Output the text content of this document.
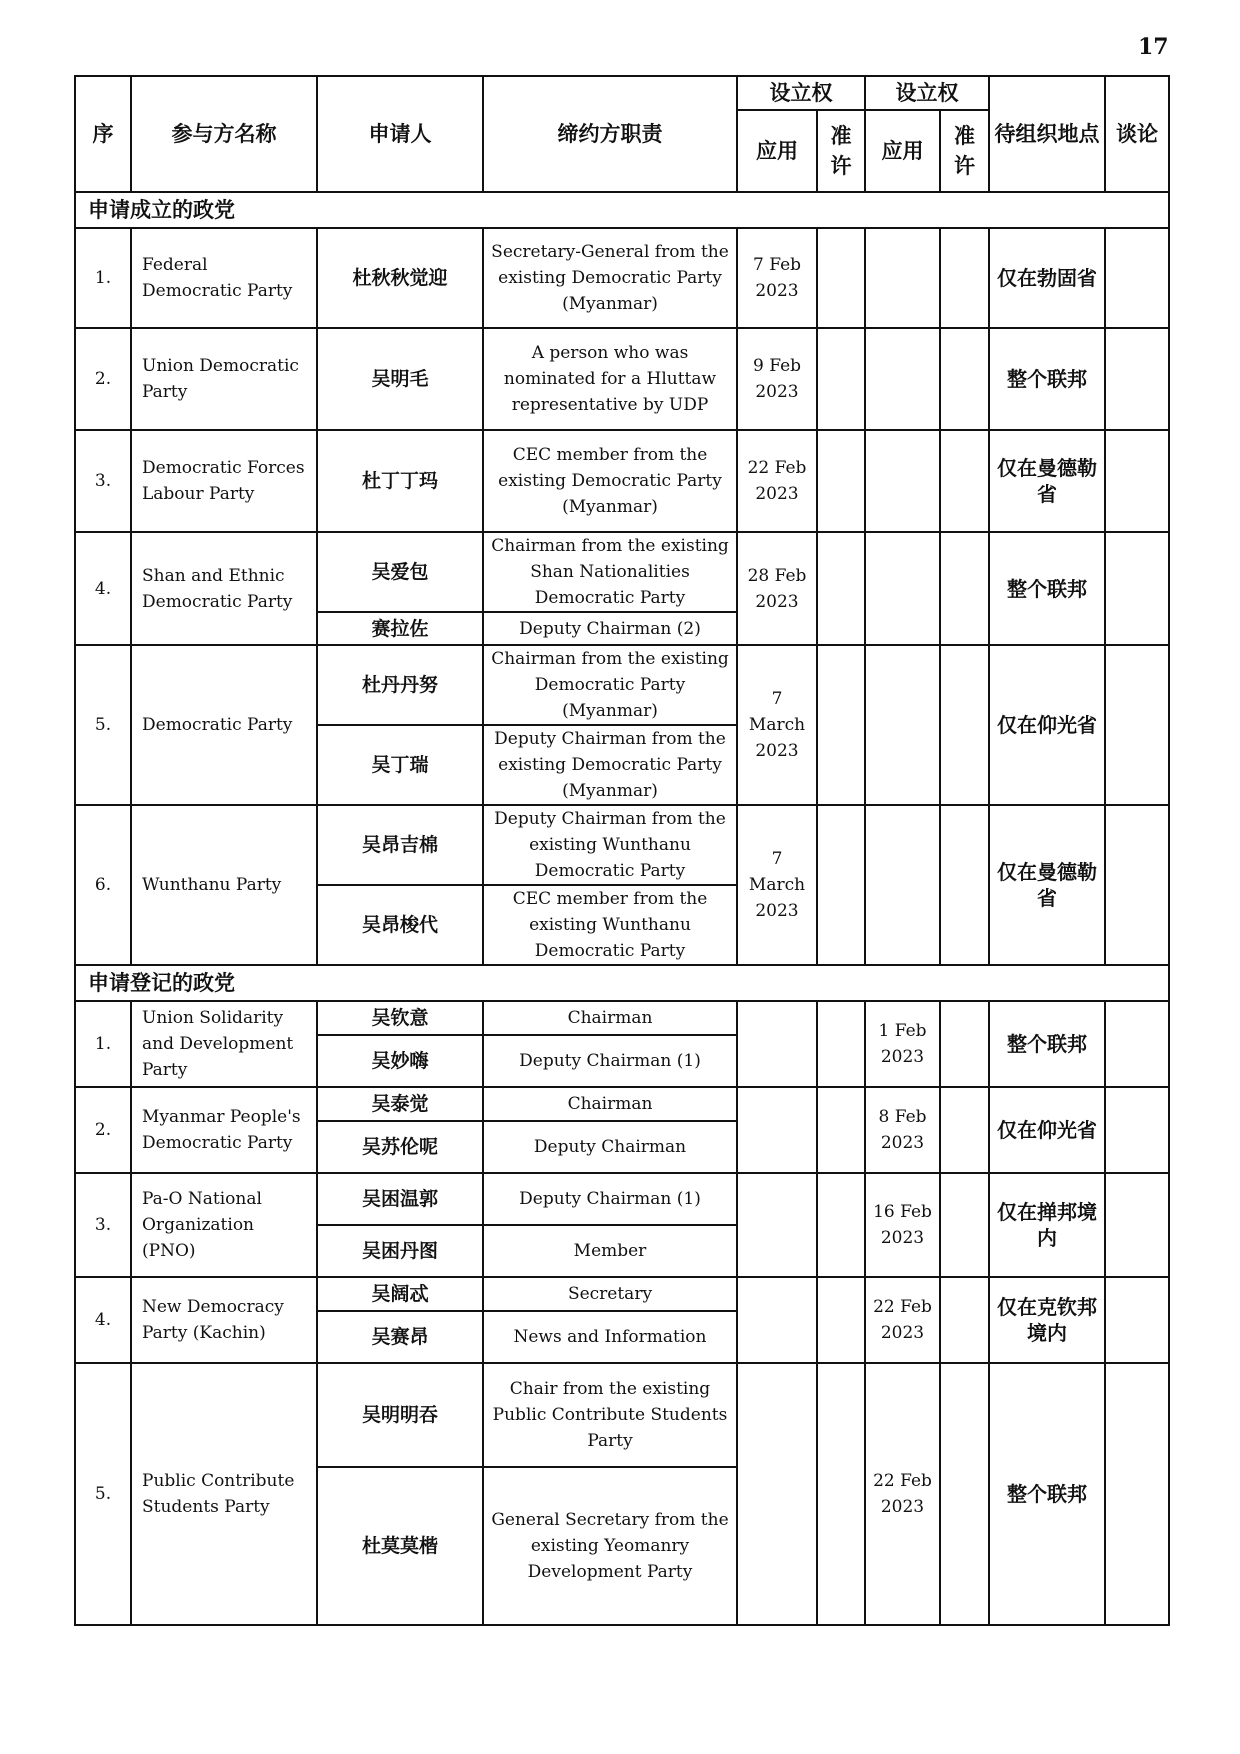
17
序	参与方名称	申请人	缔约方职责	设立权		设立权		待组织地点	谈论
				应用	准许	应用	准许		
申请成立的政党									
1.	Federal Democratic Party	杜秋秋觉迎	Secretary-General from the existing Democratic Party (Myanmar)	7 Feb 2023				仅在勃固省	
2.	Union Democratic Party	吴明毛	A person who was nominated for a Hluttaw representative by UDP	9 Feb 2023				整个联邦	
3.	Democratic Forces Labour Party	杜丁丁玛	CEC member from the existing Democratic Party (Myanmar)	22 Feb 2023				仅在曼德勒省	
4.	Shan and Ethnic Democratic Party	吴爱包	Chairman from the existing Shan Nationalities Democratic Party	28 Feb 2023				整个联邦	
		赛拉佐	Deputy Chairman (2)						
5.	Democratic Party	杜丹丹努	Chairman from the existing Democratic Party (Myanmar)	7 March 2023				仅在仰光省	
		吴丁瑞	Deputy Chairman from the existing Democratic Party (Myanmar)						
6.	Wunthanu Party	吴昂吉棉	Deputy Chairman from the existing Wunthanu Democratic Party	7 March 2023				仅在曼德勒省	
		吴昂梭代	CEC member from the existing Wunthanu Democratic Party						
申请登记的政党									
1.	Union Solidarity and Development Party	吴钦意	Chairman			1 Feb 2023		整个联邦	
		吴妙嗨	Deputy Chairman (1)						
2.	Myanmar People's Democratic Party	吴泰觉	Chairman			8 Feb 2023		仅在仰光省	
		吴苏伦呢	Deputy Chairman						
3.	Pa-O National Organization (PNO)	吴困温郭	Deputy Chairman (1)			16 Feb 2023		仅在掸邦境内	
		吴困丹图	Member						
4.	New Democracy Party (Kachin)	吴阔忒	Secretary			22 Feb 2023		仅在克钦邦境内	
		吴赛昂	News and Information						
5.	Public Contribute Students Party	吴明明吞	Chair from the existing Public Contribute Students Party			22 Feb 2023		整个联邦	
		杜莫莫楷	General Secretary from the existing Yeomanry Development Party						
